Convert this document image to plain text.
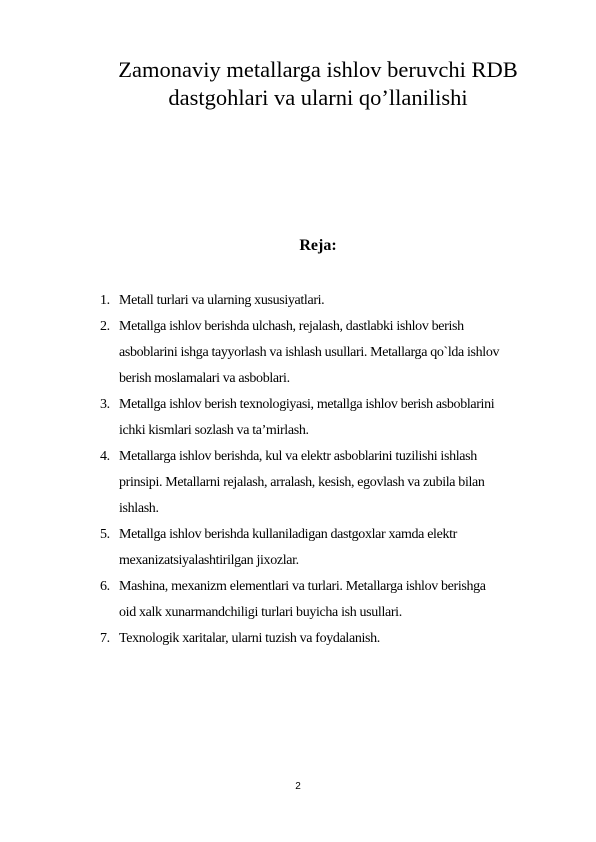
Zamonaviy metallarga ishlov beruvchi RDB
dastgohlari va ularni qo’llanilishi
Reja:
1. Metall turlari va ularning xususiyatlari.
2. Metallga ishlov berishda ulchash, rejalash, dastlabki ishlov berish
asboblarini ishga tayyorlash va ishlash usullari. Metallarga qo`lda ishlov
berish moslamalari va asboblari.
3. Metallga ishlov berish texnologiyasi, metallga ishlov berish asboblarini
ichki kismlari sozlash va ta’mirlash.
4. Metallarga ishlov berishda, kul va elektr asboblarini tuzilishi ishlash
prinsipi. Metallarni rejalash, arralash, kesish, egovlash va zubila bilan
ishlash.
5. Metallga ishlov berishda kullaniladigan dastgoxlar xamda elektr
mexanizatsiyalashtirilgan jixozlar.
6. Mashina, mexanizm elementlari va turlari. Metallarga ishlov berishga
oid xalk xunarmandchiligi turlari buyicha ish usullari.
7. Texnologik xaritalar, ularni tuzish va foydalanish.

2
